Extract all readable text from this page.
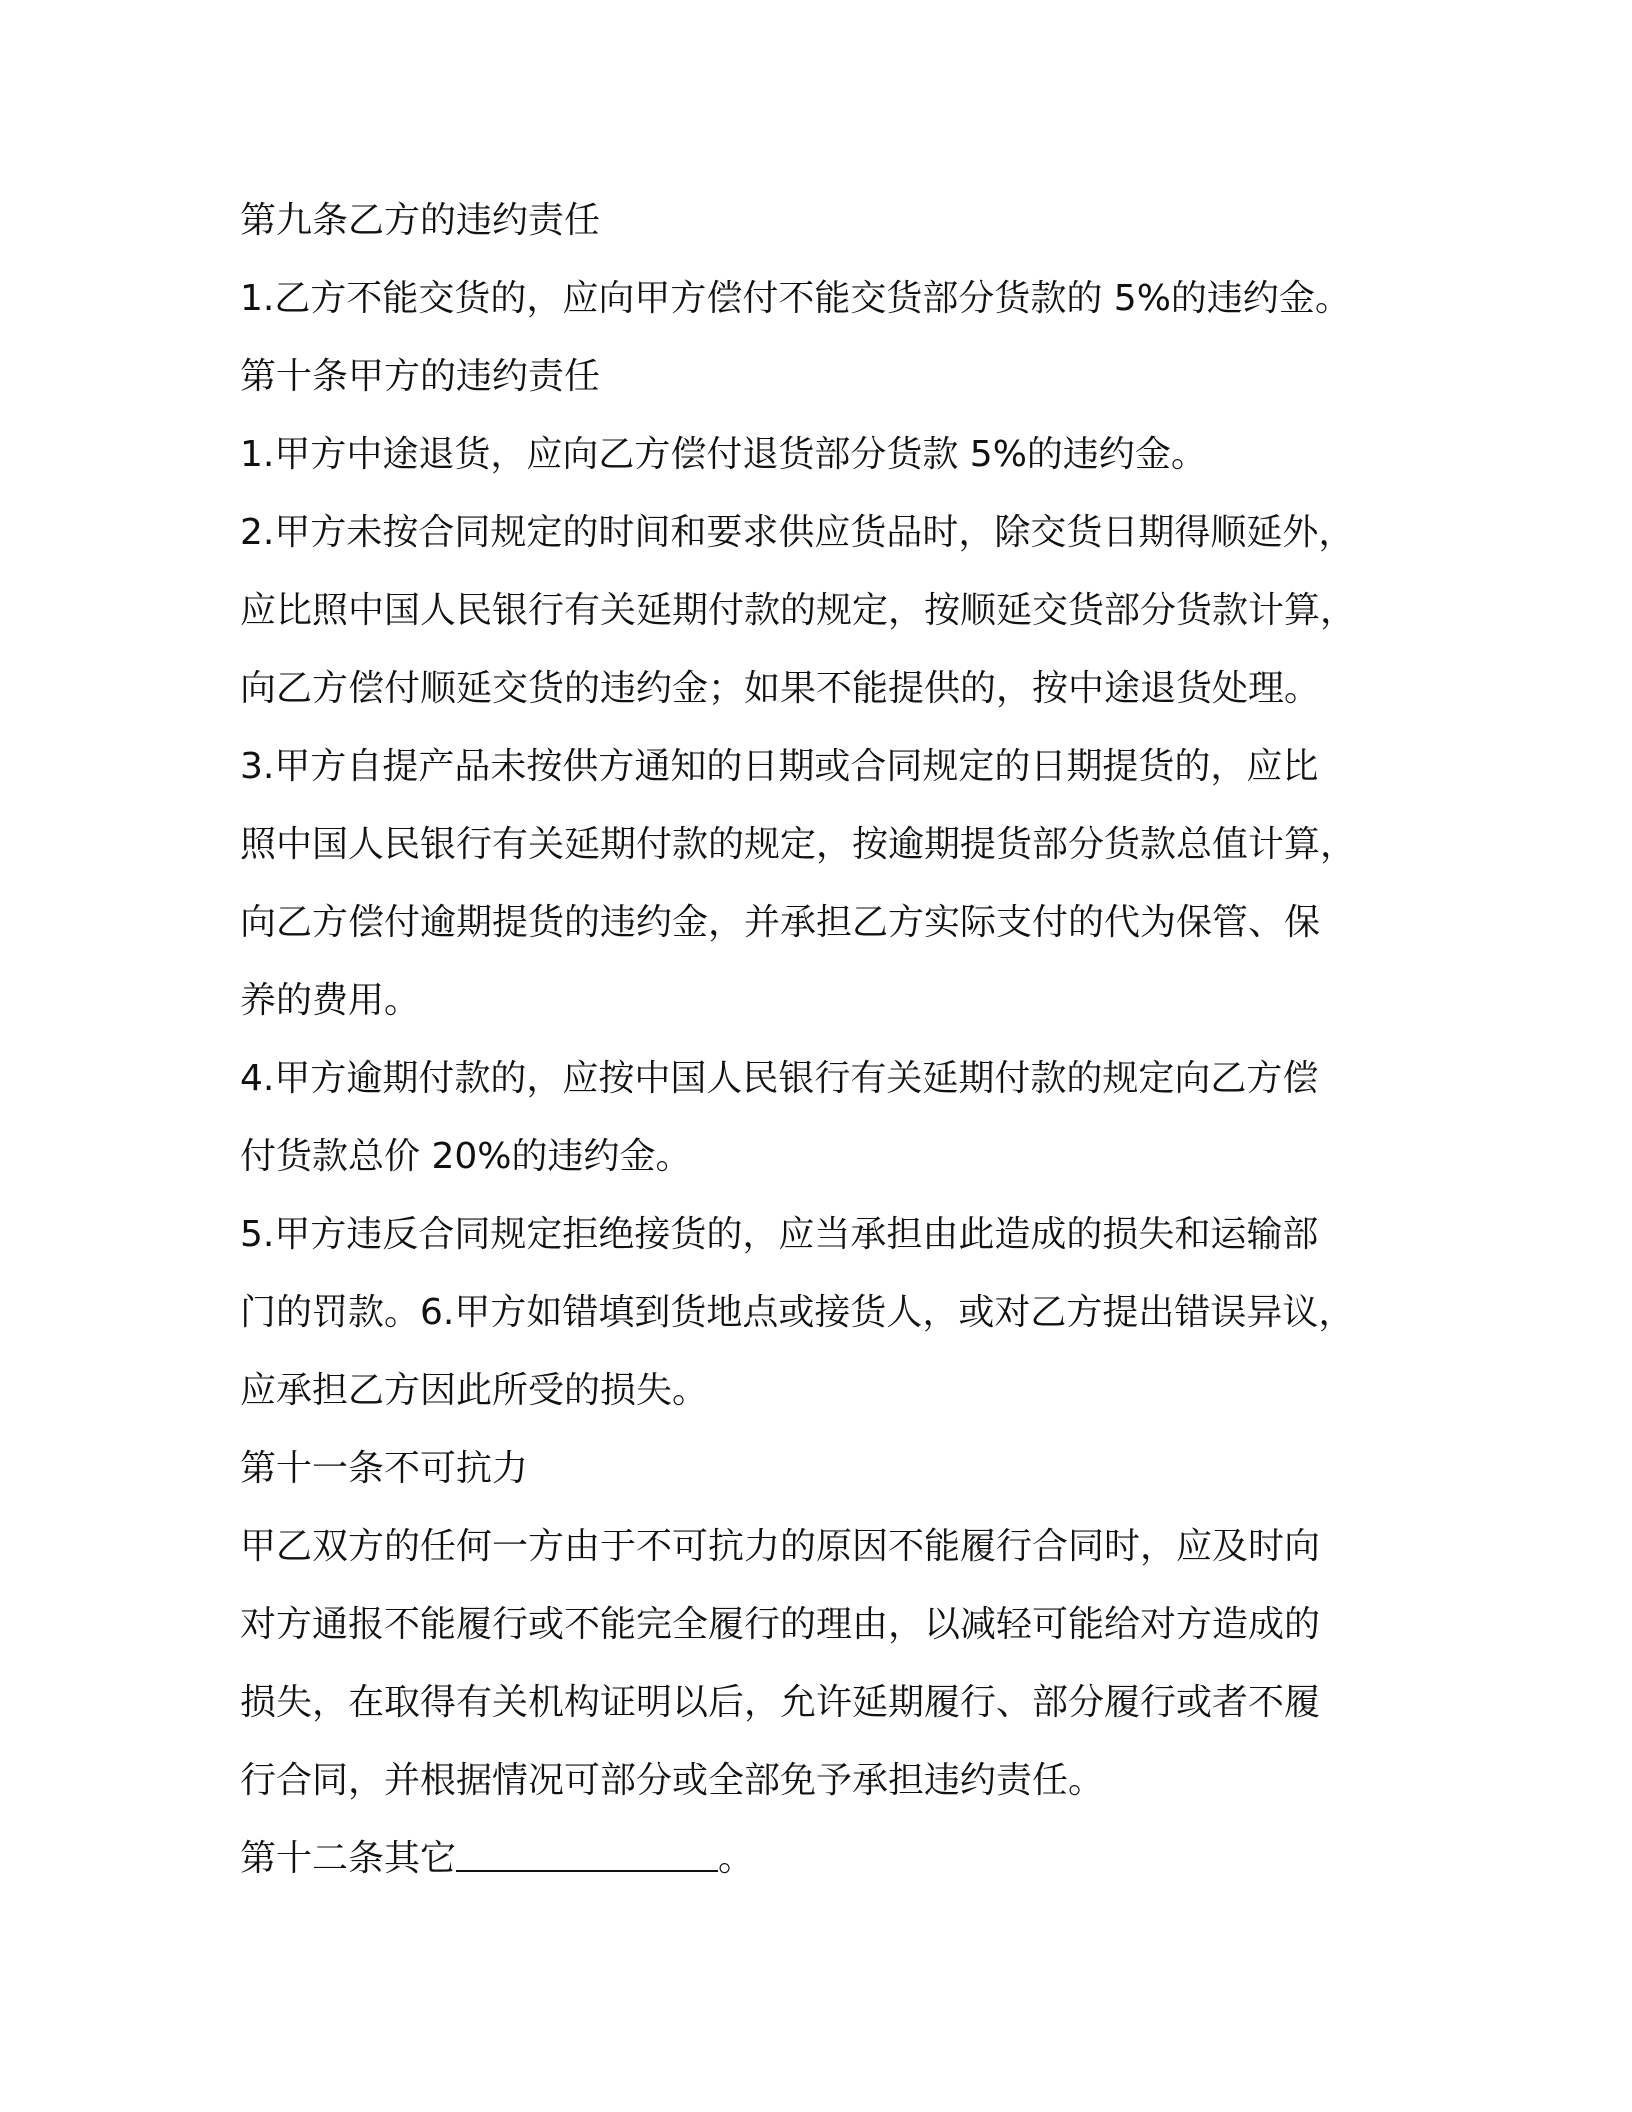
第九条乙方的违约责任
1.乙方不能交货的，应向甲方偿付不能交货部分货款的 5%的违约金。
第十条甲方的违约责任
1.甲方中途退货，应向乙方偿付退货部分货款 5%的违约金。
2.甲方未按合同规定的时间和要求供应货品时，除交货日期得顺延外，
应比照中国人民银行有关延期付款的规定，按顺延交货部分货款计算，
向乙方偿付顺延交货的违约金；如果不能提供的，按中途退货处理。
3.甲方自提产品未按供方通知的日期或合同规定的日期提货的，应比
照中国人民银行有关延期付款的规定，按逾期提货部分货款总值计算，
向乙方偿付逾期提货的违约金，并承担乙方实际支付的代为保管、保
养的费用。
4.甲方逾期付款的，应按中国人民银行有关延期付款的规定向乙方偿
付货款总价 20%的违约金。
5.甲方违反合同规定拒绝接货的，应当承担由此造成的损失和运输部
门的罚款。6.甲方如错填到货地点或接货人，或对乙方提出错误异议，
应承担乙方因此所受的损失。
第十一条不可抗力
甲乙双方的任何一方由于不可抗力的原因不能履行合同时，应及时向
对方通报不能履行或不能完全履行的理由，以减轻可能给对方造成的
损失，在取得有关机构证明以后，允许延期履行、部分履行或者不履
行合同，并根据情况可部分或全部免予承担违约责任。
第十二条其它	。
